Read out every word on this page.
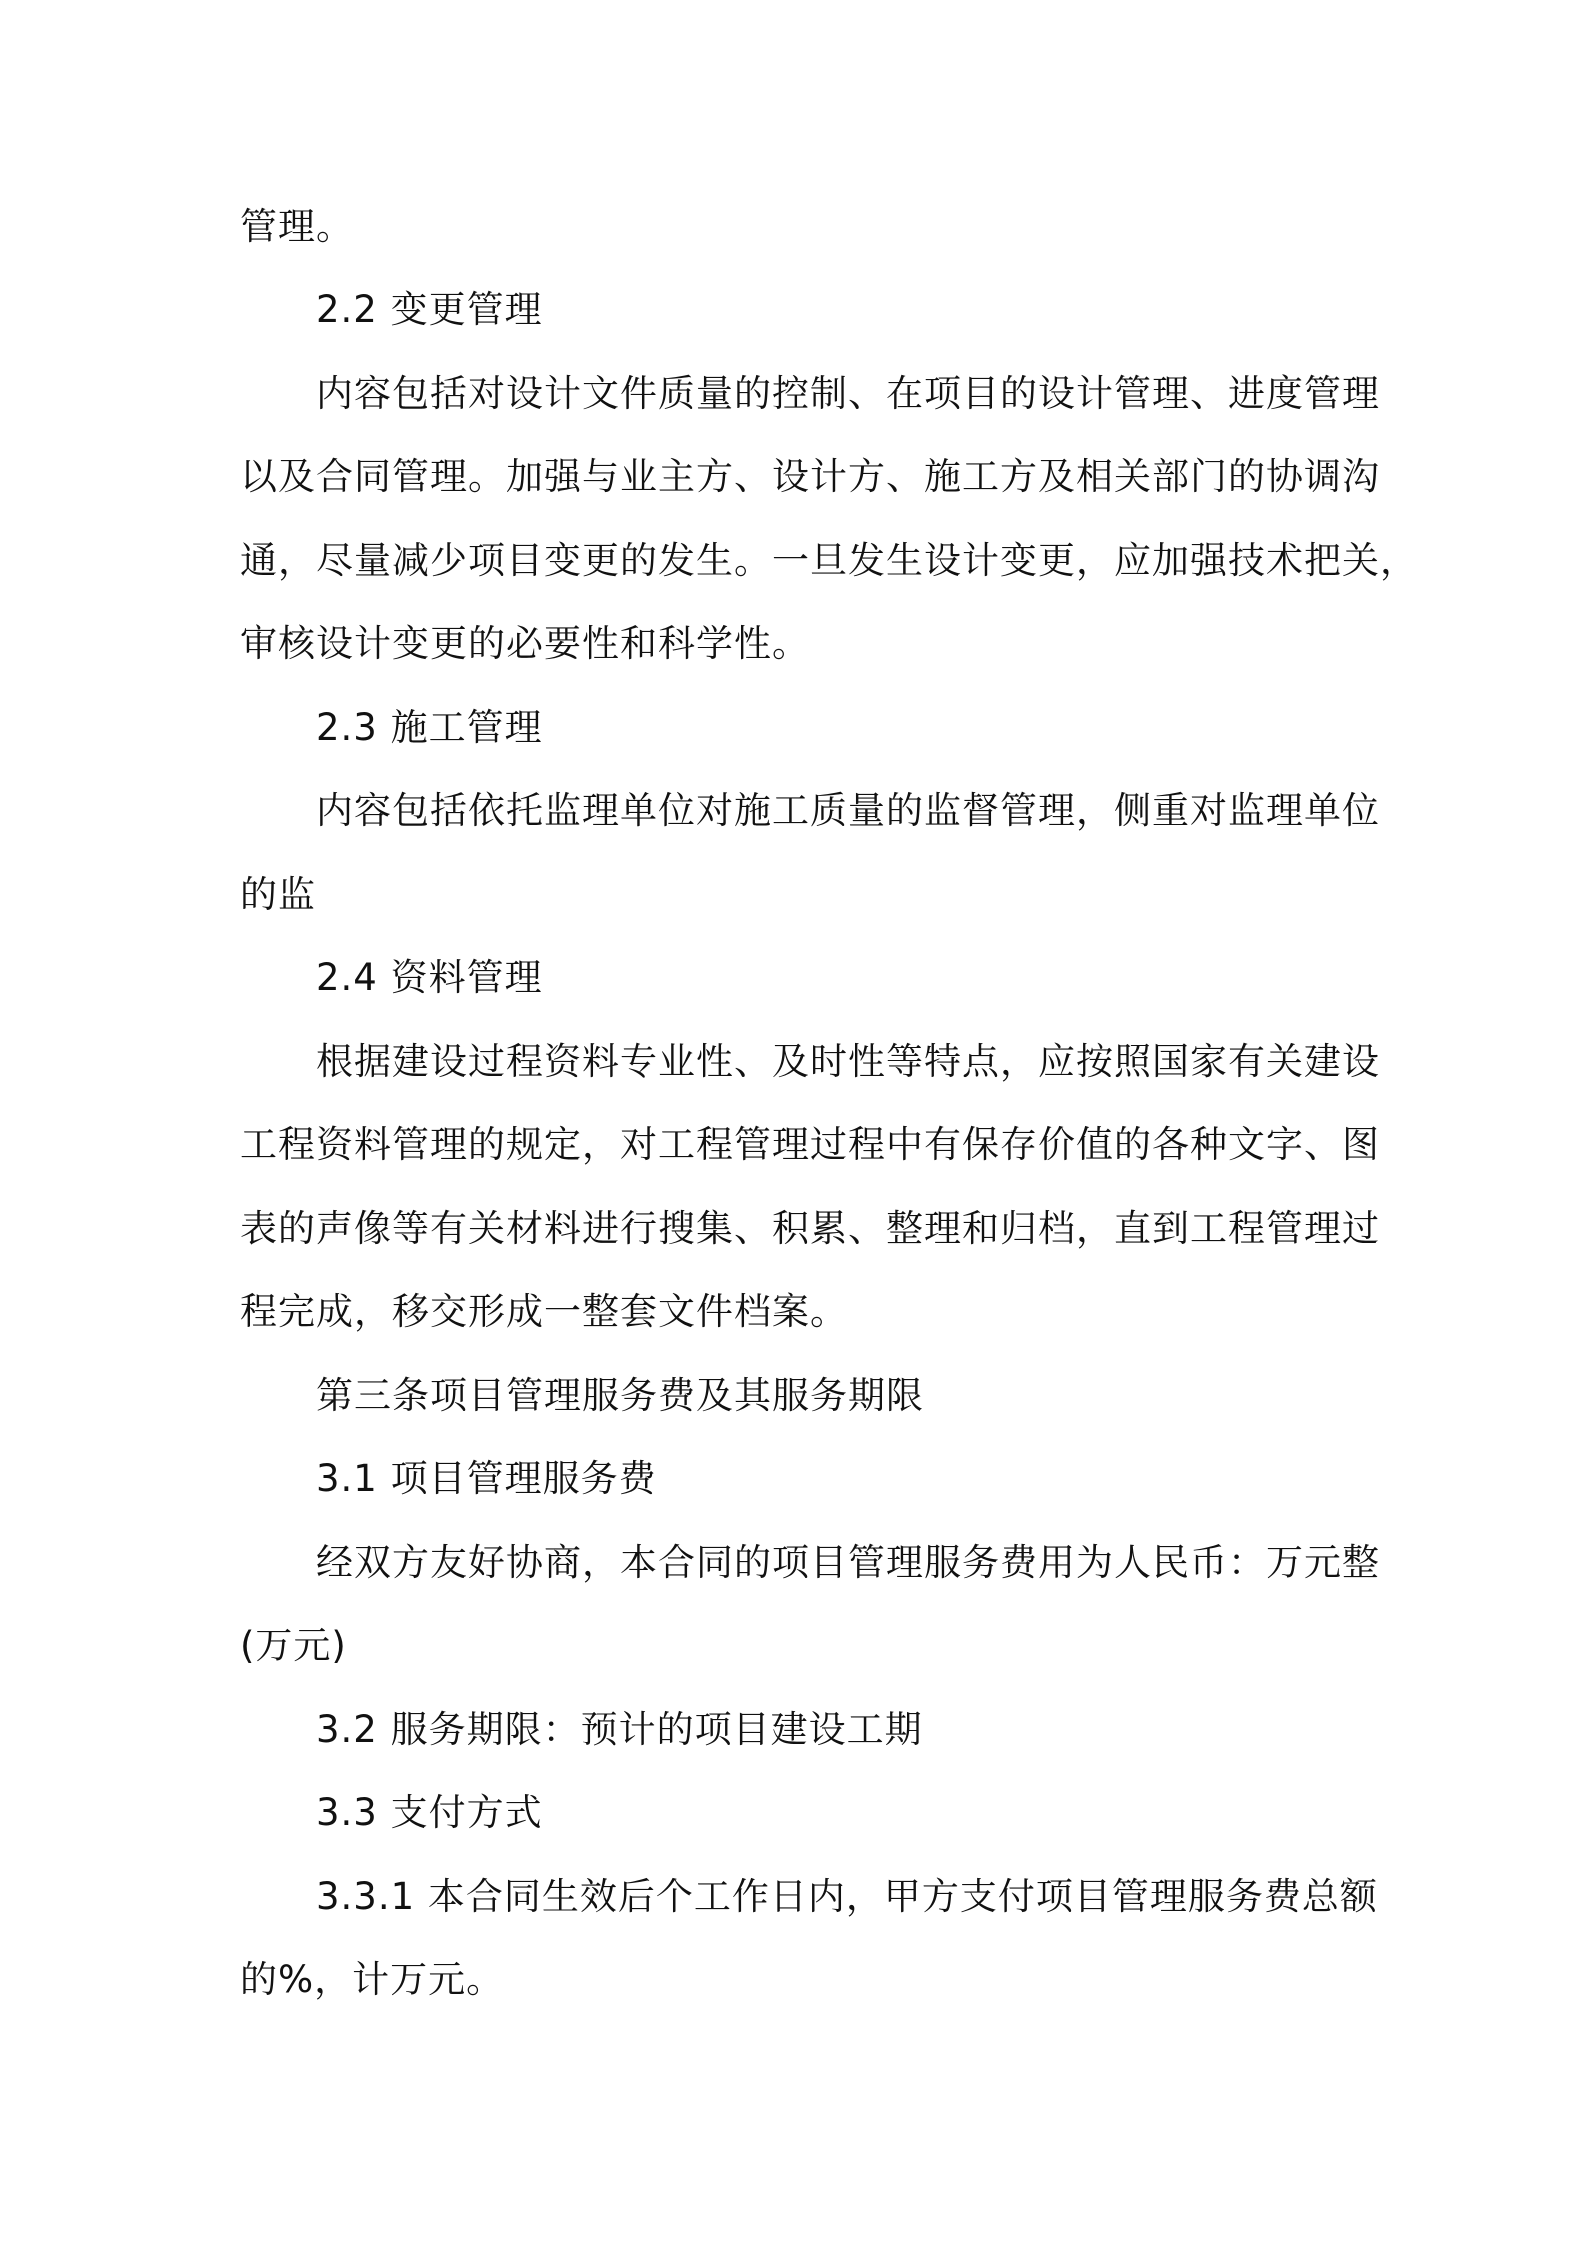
管理。
2.2 变更管理
内容包括对设计文件质量的控制、在项目的设计管理、进度管理
以及合同管理。加强与业主方、设计方、施工方及相关部门的协调沟
通，尽量减少项目变更的发生。一旦发生设计变更，应加强技术把关，
审核设计变更的必要性和科学性。
2.3 施工管理
内容包括依托监理单位对施工质量的监督管理，侧重对监理单位
的监
2.4 资料管理
根据建设过程资料专业性、及时性等特点，应按照国家有关建设
工程资料管理的规定，对工程管理过程中有保存价值的各种文字、图
表的声像等有关材料进行搜集、积累、整理和归档，直到工程管理过
程完成，移交形成一整套文件档案。
第三条项目管理服务费及其服务期限
3.1 项目管理服务费
经双方友好协商，本合同的项目管理服务费用为人民币：万元整
(万元)
3.2 服务期限：预计的项目建设工期
3.3 支付方式
3.3.1 本合同生效后个工作日内，甲方支付项目管理服务费总额
的%，计万元。
